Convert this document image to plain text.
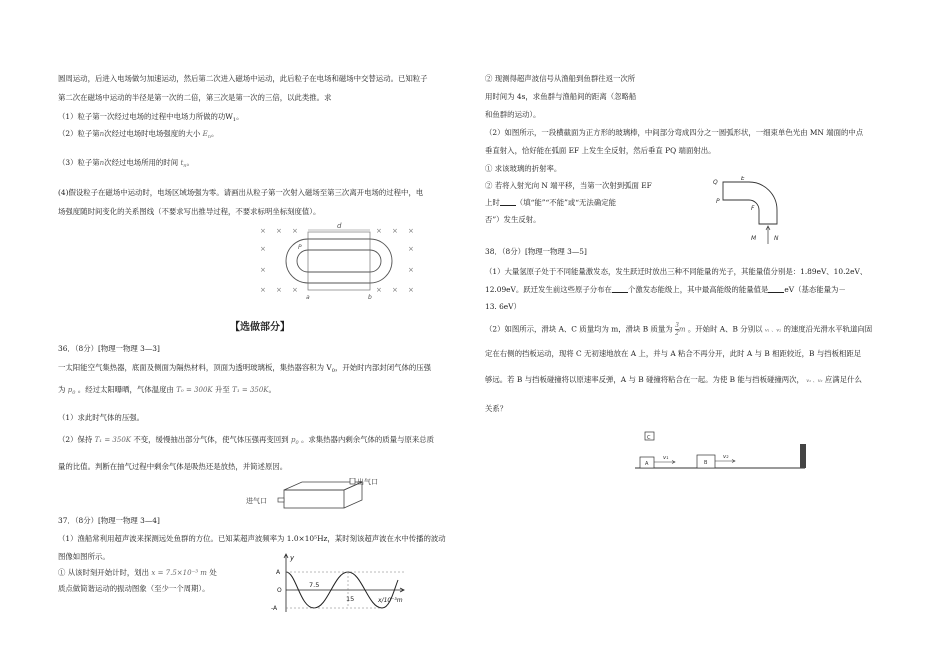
圆周运动，后进入电场做匀加速运动，然后第二次进入磁场中运动，此后粒子在电场和磁场中交替运动。已知粒子
第二次在磁场中运动的半径是第一次的二倍，第三次是第一次的三倍，以此类推。求
（1）粒子第一次经过电场的过程中电场力所做的功$W_1$。
（2）粒子第n次经过电场时电场强度的大小 $E_n$。
（3）粒子第n次经过电场所用的时间 $t_n$。
(4)假设粒子在磁场中运动时，电场区域场强为零。请画出从粒子第一次射入磁场至第三次离开电场的过程中，电
场强度随时间变化的关系图线（不要求写出推导过程，不要求标明坐标刻度值）。
× × ×	× × ×
×	×
×	×
× × ×	× × ×
d
P
a	b
【选做部分】
36．（8分）[物理一物理 3—3]
一太阳能空气集热器，底面及侧面为隔热材料，顶面为透明玻璃板，集热器容积为 $V_0$，开始时内部封闭气体的压强
为 $p_0$ 。经过太阳曝晒，气体温度由 T₀ = 300K 升至 T₁ = 350K。
（1）求此时气体的压强。
（2）保持 T₁ = 350K 不变，缓慢抽出部分气体，使气体压强再变回到 $p_0$ 。求集热器内剩余气体的质量与原来总质
量的比值。判断在抽气过程中剩余气体是吸热还是放热，并简述原因。
进气口
出气口
37．（8分）[物理一物理 3—4]
（1）渔船常利用超声波来探测远处鱼群的方位。已知某超声波频率为 1.0×10⁵Hz，某时刻该超声波在水中传播的波动
图像如图所示。
① 从该时刻开始计时，划出 x = 7.5×10⁻³ m 处
质点做简谐运动的振动图象（至少一个周期）。
y
A
O
-A
7.5
15	x/10⁻³m
② 现测得超声波信号从渔船到鱼群往返一次所
用时间为 4s，求鱼群与渔船间的距离（忽略船
和鱼群的运动）。
（2）如图所示，一段横截面为正方形的玻璃棒，中间部分弯成四分之一圆弧形状，一细束单色光由 MN 端面的中点
垂直射入，恰好能在弧面 EF 上发生全反射，然后垂直 PQ 端面射出。
① 求该玻璃的折射率。
② 若将入射光向 N 端平移，当第一次射到弧面 EF
上时 （填“能”“不能”或“无法确定能
否”）发生反射。
Q
E
P
F
M	N
38．（8分）[物理一物理 3—5]
（1）大量氢原子处于不同能量激发态，发生跃迁时放出三种不同能量的光子，其能量值分别是：1.89eV、10.2eV、
12.09eV。跃迁发生前这些原子分布在 个激发态能级上，其中最高能级的能量值是 eV（基态能量为－
13. 6eV）
（2）如图所示，滑块 A、C 质量均为 m，滑块 B 质量为 $\frac{3}{2}$ m 。开始时 A、B 分别以 v₁ 、v₂ 的速度沿光滑水平轨道向固
定在右侧的挡板运动，现将 C 无初速地放在 A 上，并与 A 粘合不再分开，此时 A 与 B 相距较近，B 与挡板相距足
够远。若 B 与挡板碰撞将以原速率反弹，A 与 B 碰撞将粘合在一起。为使 B 能与挡板碰撞两次， v₁ 、v₂ 应满足什么
关系？
C
A
v₁
B
v₂
